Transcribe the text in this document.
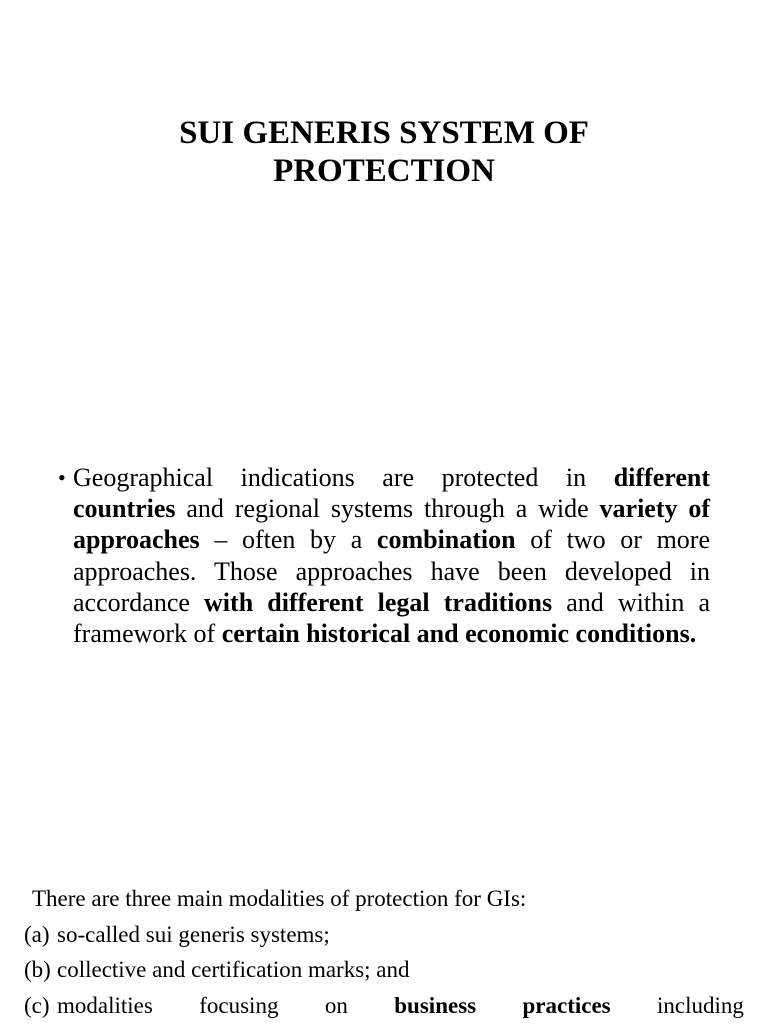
SUI GENERIS SYSTEM OF
PROTECTION
• Geographical indications are protected in different countries and regional systems through a wide variety of approaches – often by a combination of two or more approaches. Those approaches have been developed in accordance with different legal traditions and within a framework of certain historical and economic conditions.
There are three main modalities of protection for GIs:
(a) so-called sui generis systems;
(b) collective and certification marks; and
(c) modalities focusing on business practices including
